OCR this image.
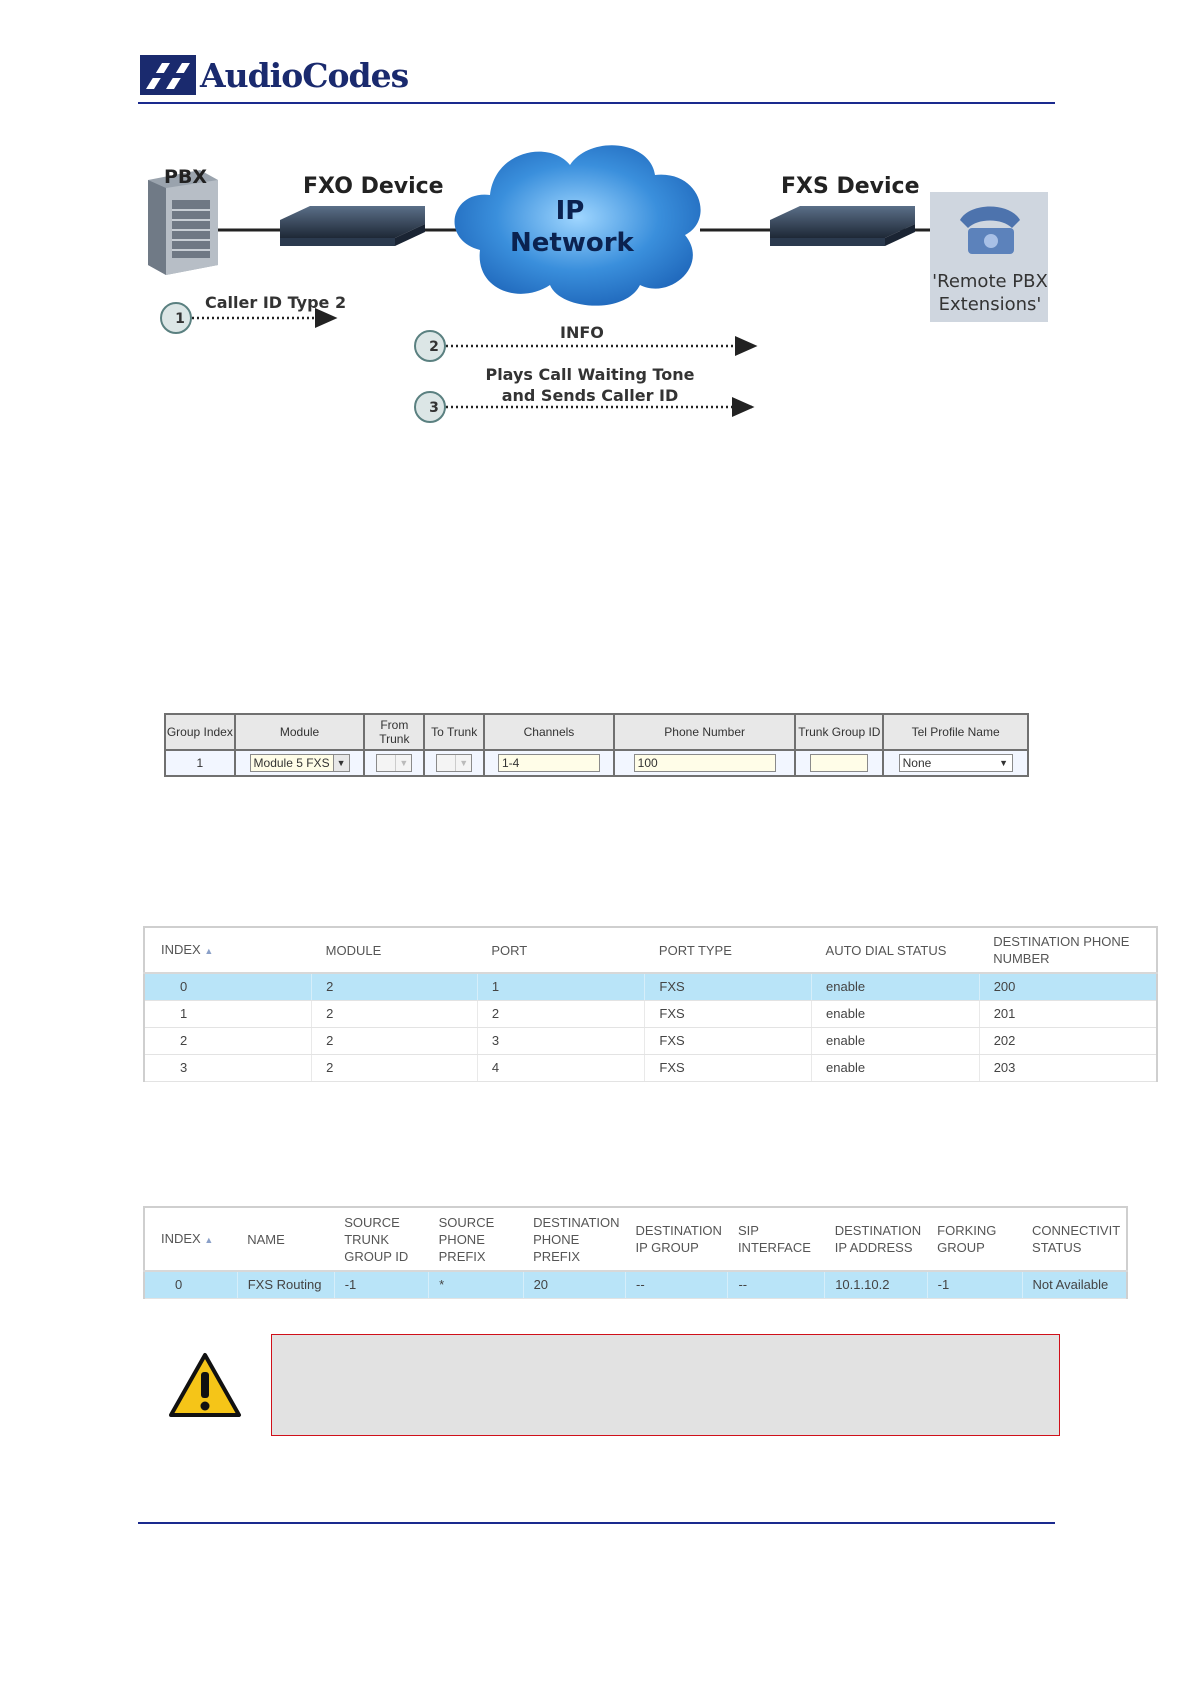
AudioCodes
PBX	FXO Device
IP
Network
FXS Device
'Remote PBX
Extensions'
1
Caller ID Type 2
2
INFO
3
Plays Call Waiting Tone
and Sends Caller ID
Group Index	Module	From Trunk	To Trunk	Channels	Phone Number	Trunk Group ID	Tel Profile Name
1	Module 5 FXS ▼	▼	▼	1-4	100		None ▼
INDEX ▲	MODULE	PORT	PORT TYPE	AUTO DIAL STATUS	DESTINATION PHONE NUMBER
0	2	1	FXS	enable	200
1	2	2	FXS	enable	201
2	2	3	FXS	enable	202
3	2	4	FXS	enable	203
INDEX ▲	NAME	SOURCE TRUNK GROUP ID	SOURCE PHONE PREFIX	DESTINATION PHONE PREFIX	DESTINATION IP GROUP	SIP INTERFACE	DESTINATION IP ADDRESS	FORKING GROUP	CONNECTIVIT STATUS
0	FXS Routing	-1	*	20	--	--	10.1.10.2	-1	Not Available
